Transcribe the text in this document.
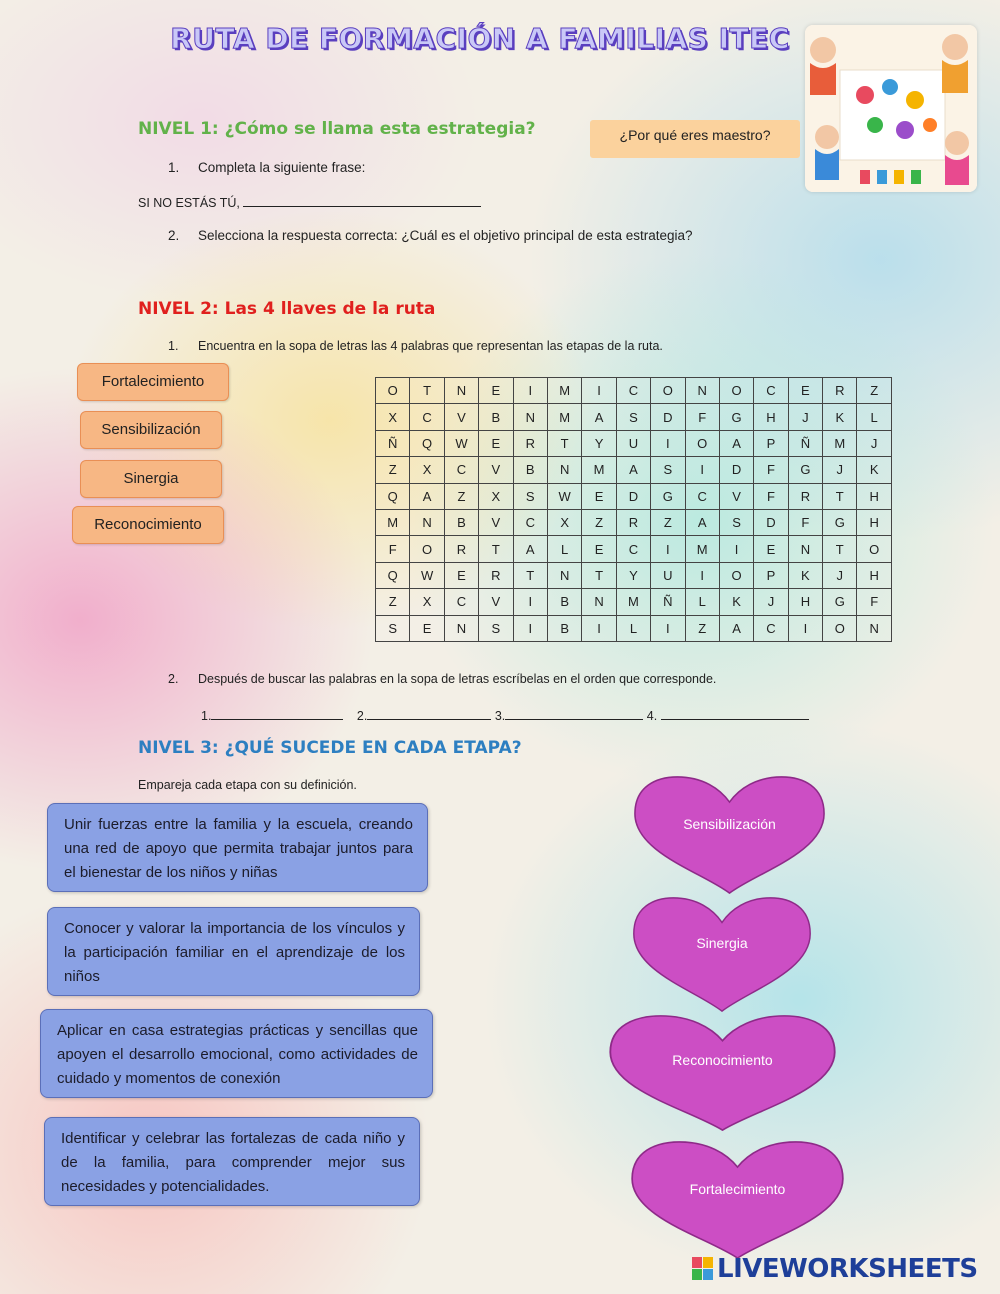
RUTA DE FORMACIÓN A FAMILIAS ITEC
NIVEL 1: ¿Cómo se llama esta estrategia?	¿Por qué eres maestro?
1. Completa la siguiente frase:
SI NO ESTÁS TÚ,
2. Selecciona la respuesta correcta: ¿Cuál es el objetivo principal de esta estrategia?
NIVEL 2: Las 4 llaves de la ruta
1. Encuentra en la sopa de letras las 4 palabras que representan las etapas de la ruta.
Fortalecimiento
Sensibilización
Sinergia
Reconocimiento
O	T	N	E	I	M	I	C	O	N	O	C	E	R	Z
X	C	V	B	N	M	A	S	D	F	G	H	J	K	L
Ñ	Q	W	E	R	T	Y	U	I	O	A	P	Ñ	M	J
Z	X	C	V	B	N	M	A	S	I	D	F	G	J	K
Q	A	Z	X	S	W	E	D	G	C	V	F	R	T	H
M	N	B	V	C	X	Z	R	Z	A	S	D	F	G	H
F	O	R	T	A	L	E	C	I	M	I	E	N	T	O
Q	W	E	R	T	N	T	Y	U	I	O	P	K	J	H
Z	X	C	V	I	B	N	M	Ñ	L	K	J	H	G	F
S	E	N	S	I	B	I	L	I	Z	A	C	I	O	N
2. Después de buscar las palabras en la sopa de letras escríbelas en el orden que corresponde.
1.	2.	3.	4.
NIVEL 3: ¿QUÉ SUCEDE EN CADA ETAPA?
Empareja cada etapa con su definición.
Unir fuerzas entre la familia y la escuela, creando una red de apoyo que permita trabajar juntos para el bienestar de los niños y niñas
Conocer y valorar la importancia de los vínculos y la participación familiar en el aprendizaje de los niños
Aplicar en casa estrategias prácticas y sencillas que apoyen el desarrollo emocional, como actividades de cuidado y momentos de conexión
Identificar y celebrar las fortalezas de cada niño y de la familia, para comprender mejor sus necesidades y potencialidades.
Sensibilización
Sinergia
Reconocimiento
Fortalecimiento
LIVEWORKSHEETS
